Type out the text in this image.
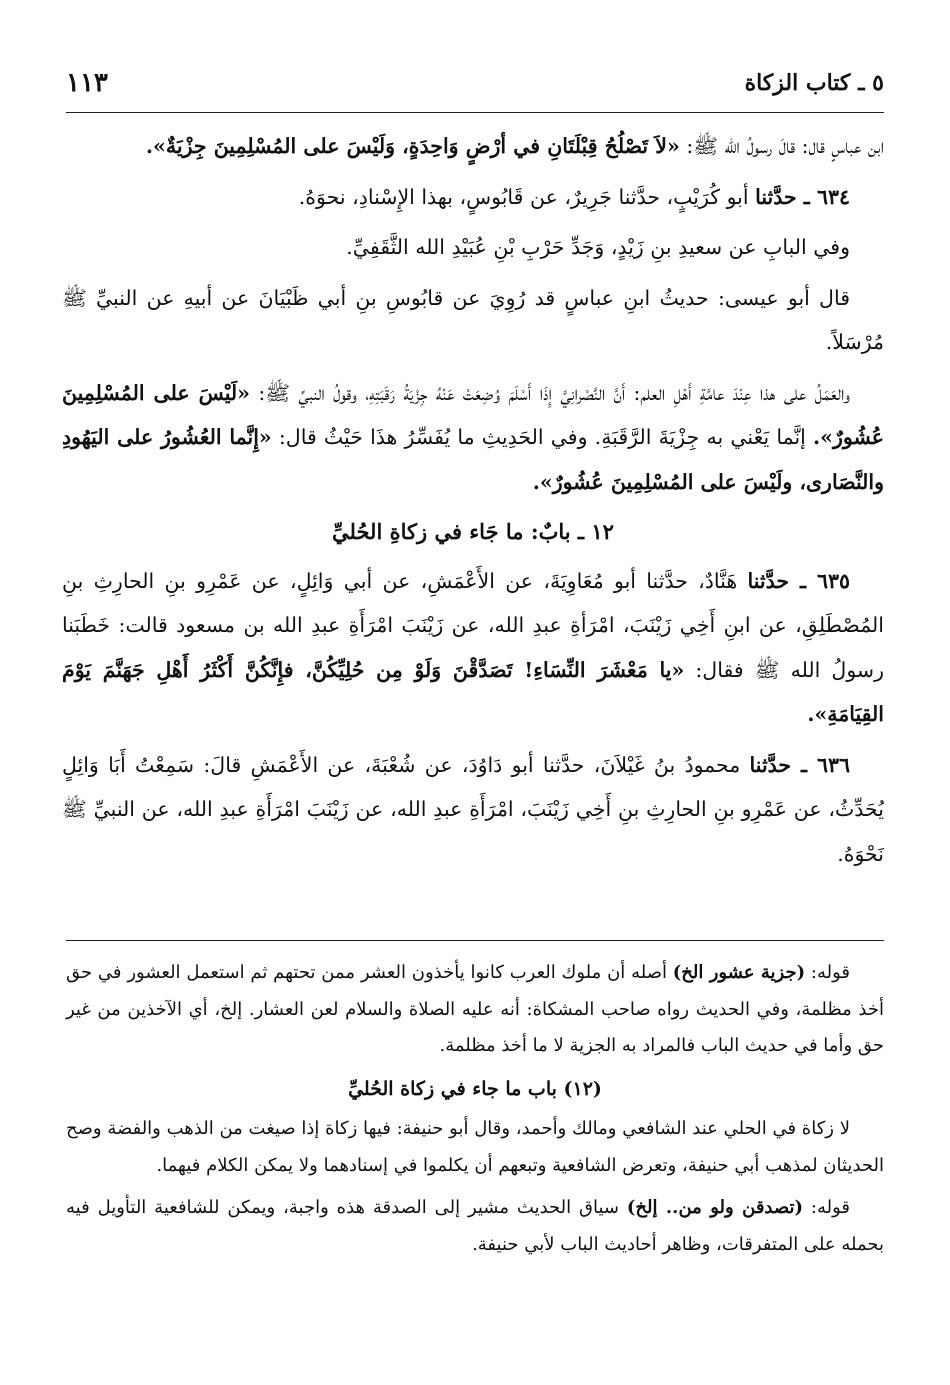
٥ ـ كتاب الزكاة
١١٣

ابن عباسٍ قال: قالَ رسولُ الله ﷺ: «لاَ تَصْلُحُ قِبْلَتَانِ في أرْضٍ وَاحِدَةٍ، وَلَيْسَ على المُسْلِمِينَ جِزْيَةٌ».

٦٣٤ ـ حدَّثنا أبو كُرَيْبٍ، حدَّثنا جَرِيرٌ، عن قَابُوسٍ، بهذا الإِسْنادِ، نحوَهُ.

وفي البابِ عن سعيدِ بنِ زَيْدٍ، وَجَدِّ حَرْبِ بْنِ عُبَيْدِ الله الثَّقَفِيِّ.

قال أبو عيسى: حديثُ ابنِ عباسٍ قد رُوِيَ عن قابُوسِ بنِ أبي ظَبْيَانَ عن أبيهِ عن النبيِّ ﷺ مُرْسَلاً.

والعَمَلُ على هذا عِنْدَ عامَّةِ أَهْلِ العلم: أَنَّ النَّصْرانِيَّ إِذَا أَسْلَمَ وُضِعَتْ عَنْهُ جِزْيَةُ رَقَبَتِهِ، وقولُ النبيِّ ﷺ: «لَيْسَ على المُسْلِمِينَ عُشُورٌ». إنَّما يَعْني به جِزْيَةَ الرَّقَبَةِ. وفي الحَدِيثِ ما يُفَسِّرُ هذَا حَيْثُ قال: «إِنَّما العُشُورُ على اليَهُودِ والنَّصَارى، ولَيْسَ على المُسْلِمِينَ عُشُورٌ».

١٢ ـ بابٌ: ما جَاء في زكاةِ الحُليِّ

٦٣٥ ـ حدَّثنا هَنَّادٌ، حدَّثنا أبو مُعَاوِيَةَ، عن الأَعْمَشِ، عن أبي وَائِلٍ، عن عَمْرِو بنِ الحارِثِ بنِ المُصْطَلِقِ، عن ابنِ أَخِي زَيْنَبَ، امْرَأةِ عبدِ الله، عن زَيْنَبَ امْرَأَةِ عبدِ الله بن مسعود قالت: خَطَبَنا رسولُ الله ﷺ فقال: «يا مَعْشَرَ النِّسَاءِ! تَصَدَّقْنَ وَلَوْ مِن حُلِيِّكُنَّ، فإِنَّكُنَّ أَكْثَرُ أَهْلِ جَهَنَّمَ يَوْمَ القِيَامَةِ».

٦٣٦ ـ حدَّثنا محمودُ بنُ غَيْلاَنَ، حدَّثنا أبو دَاوُدَ، عن شُعْبَةَ، عن الأَعْمَشِ قالَ: سَمِعْتُ أَبَا وَائِلٍ يُحَدِّثُ، عن عَمْرِو بنِ الحارِثِ بنِ أَخِي زَيْنَبَ، امْرَأَةِ عبدِ الله، عن زَيْنَبَ امْرَأَةِ عبدِ الله، عن النبيِّ ﷺ نَحْوَهُ.

قوله: (جزية عشور الخ) أصله أن ملوك العرب كانوا يأخذون العشر ممن تحتهم ثم استعمل العشور في حق أخذ مظلمة، وفي الحديث رواه صاحب المشكاة: أنه عليه الصلاة والسلام لعن العشار. إلخ، أي الآخذين من غير حق وأما في حديث الباب فالمراد به الجزية لا ما أخذ مظلمة.

(١٢) باب ما جاء في زكاة الحُليِّ

لا زكاة في الحلي عند الشافعي ومالك وأحمد، وقال أبو حنيفة: فيها زكاة إذا صيغت من الذهب والفضة وصح الحديثان لمذهب أبي حنيفة، وتعرض الشافعية وتبعهم أن يكلموا في إسنادهما ولا يمكن الكلام فيهما.

قوله: (تصدقن ولو من.. إلخ) سياق الحديث مشير إلى الصدقة هذه واجبة، ويمكن للشافعية التأويل فيه بحمله على المتفرقات، وظاهر أحاديث الباب لأبي حنيفة.
